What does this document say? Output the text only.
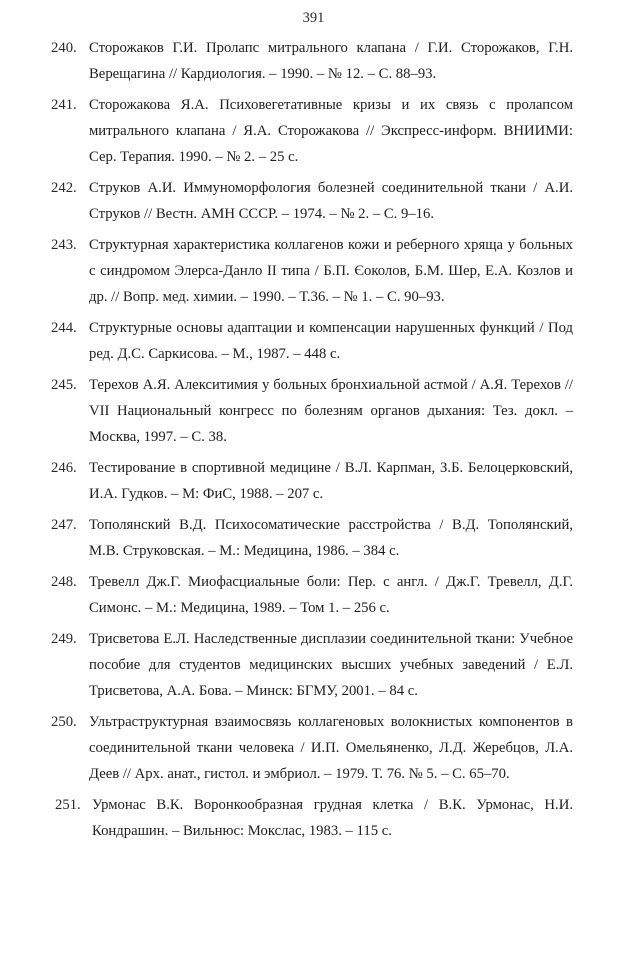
391
240. Сторожаков Г.И. Пролапс митрального клапана / Г.И. Сторожаков, Г.Н. Верещагина // Кардиология. – 1990. – № 12. – С. 88–93.
241. Сторожакова Я.А. Психовегетативные кризы и их связь с пролапсом митрального клапана / Я.А. Сторожакова // Экспресс-информ. ВНИИМИ: Сер. Терапия. 1990. – № 2. – 25 с.
242. Струков А.И. Иммуноморфология болезней соединительной ткани / А.И. Струков // Вестн. АМН СССР. – 1974. – № 2. – С. 9–16.
243. Структурная характеристика коллагенов кожи и реберного хряща у больных с синдромом Элерса-Данло II типа / Б.П. Єоколов, Б.М. Шер, Е.А. Козлов и др. // Вопр. мед. химии. – 1990. – Т.36. – № 1. – С. 90–93.
244. Структурные основы адаптации и компенсации нарушенных функций / Под ред. Д.С. Саркисова. – М., 1987. – 448 с.
245. Терехов А.Я. Алекситимия у больных бронхиальной астмой / А.Я. Терехов // VII Национальный конгресс по болезням органов дыхания: Тез. докл. – Москва, 1997. – С. 38.
246. Тестирование в спортивной медицине / В.Л. Карпман, З.Б. Белоцерковский, И.А. Гудков. – М: ФиС, 1988. – 207 с.
247. Тополянский В.Д. Психосоматические расстройства / В.Д. Тополянский, М.В. Струковская. – М.: Медицина, 1986. – 384 с.
248. Тревелл Дж.Г. Миофасциальные боли: Пер. с англ. / Дж.Г. Тревелл, Д.Г. Симонс. – М.: Медицина, 1989. – Том 1. – 256 с.
249. Трисветова Е.Л. Наследственные дисплазии соединительной ткани: Учебное пособие для студентов медицинских высших учебных заведений / Е.Л. Трисветова, А.А. Бова. – Минск: БГМУ, 2001. – 84 с.
250. Ультраструктурная взаимосвязь коллагеновых волокнистых компонентов в соединительной ткани человека / И.П. Омельяненко, Л.Д. Жеребцов, Л.А. Деев // Арх. анат., гистол. и эмбриол. – 1979. Т. 76. № 5. – С. 65–70.
251. Урмонас В.К. Воронкообразная грудная клетка / В.К. Урмонас, Н.И. Кондрашин. – Вильнюс: Мокслас, 1983. – 115 с.
